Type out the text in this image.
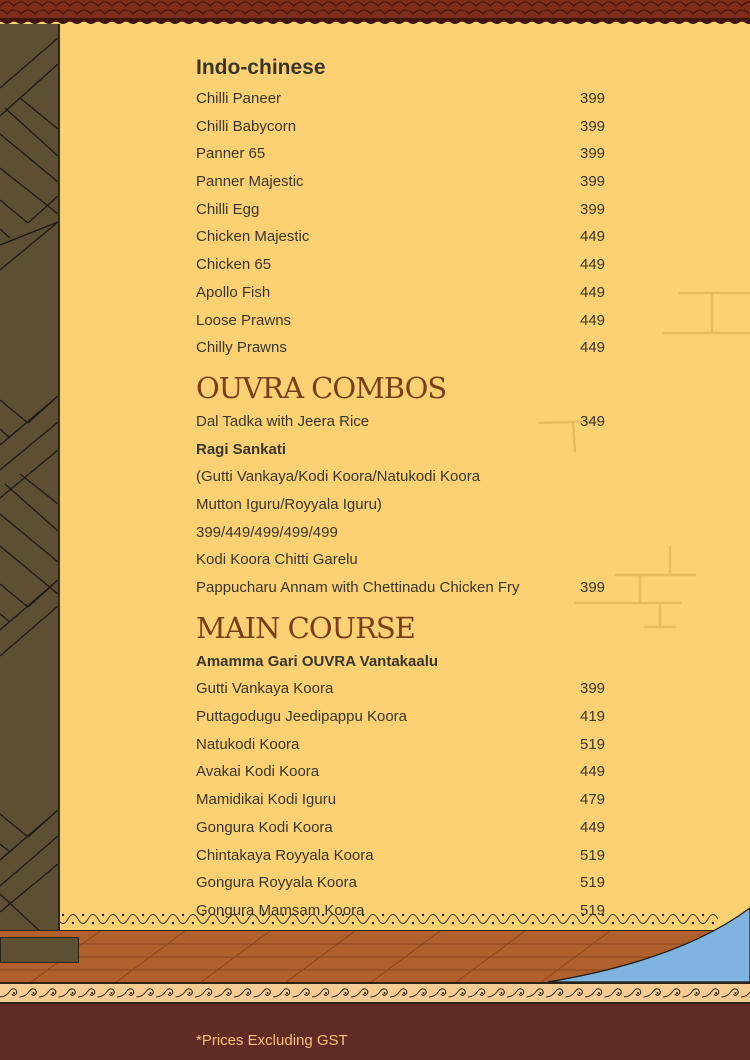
*Prices Excluding GST
Indo-chinese
Chilli Paneer	399
Chilli Babycorn	399
Panner 65	399
Panner Majestic	399
Chilli Egg	399
Chicken Majestic	449
Chicken 65	449
Apollo Fish	449
Loose Prawns	449
Chilly Prawns	449
OUVRA COMBOS
Dal Tadka with Jeera Rice	349
Ragi Sankati
(Gutti Vankaya/Kodi Koora/Natukodi Koora
Mutton Iguru/Royyala Iguru)
399/449/499/499/499
Kodi Koora Chitti Garelu
Pappucharu Annam with Chettinadu Chicken Fry	399
MAIN COURSE
Amamma Gari OUVRA Vantakaalu
Gutti Vankaya Koora	399
Puttagodugu Jeedipappu Koora	419
Natukodi Koora	519
Avakai Kodi Koora	449
Mamidikai Kodi Iguru	479
Gongura Kodi Koora	449
Chintakaya Royyala Koora	519
Gongura Royyala Koora	519
Gongura Mamsam Koora	519
